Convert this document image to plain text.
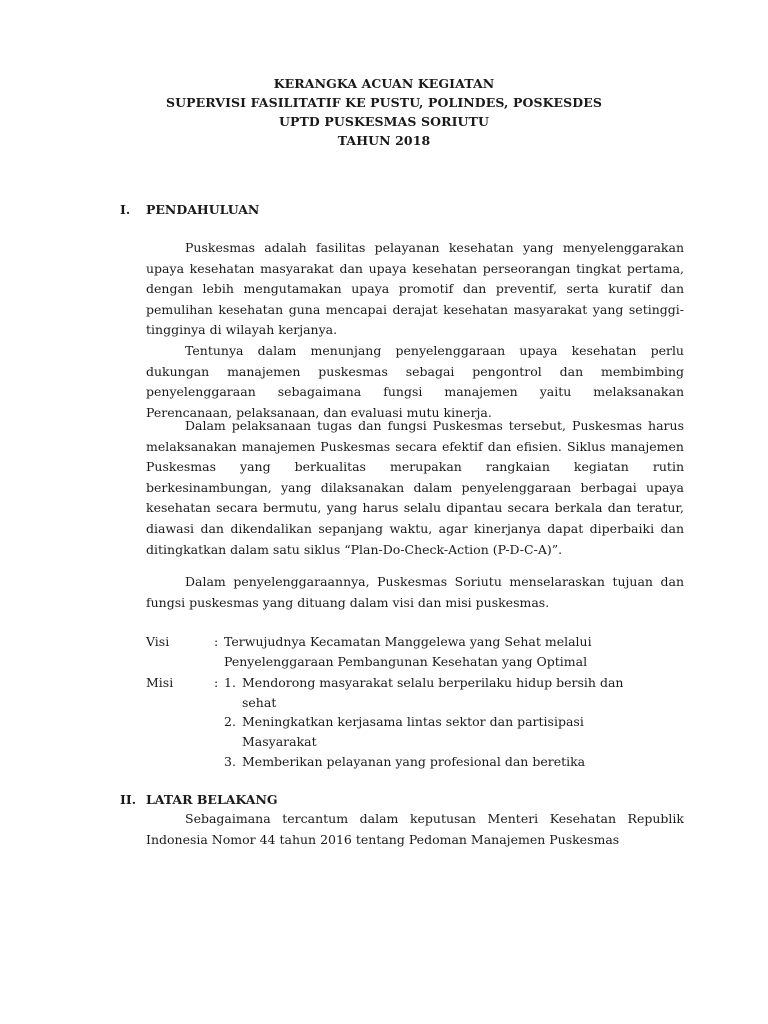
KERANGKA ACUAN KEGIATAN
SUPERVISI FASILITATIF KE PUSTU, POLINDES, POSKESDES
UPTD PUSKESMAS SORIUTU
TAHUN 2018
I. PENDAHULUAN

Puskesmas adalah fasilitas pelayanan kesehatan yang menyelenggarakan upaya kesehatan masyarakat dan upaya kesehatan perseorangan tingkat pertama, dengan lebih mengutamakan upaya promotif dan preventif, serta kuratif dan pemulihan kesehatan guna mencapai derajat kesehatan masyarakat yang setinggi-tingginya di wilayah kerjanya.

Tentunya dalam menunjang penyelenggaraan upaya kesehatan perlu dukungan manajemen puskesmas sebagai pengontrol dan membimbing penyelenggaraan sebagaimana fungsi manajemen yaitu melaksanakan Perencanaan, pelaksanaan, dan evaluasi mutu kinerja.

Dalam pelaksanaan tugas dan fungsi Puskesmas tersebut, Puskesmas harus melaksanakan manajemen Puskesmas secara efektif dan efisien. Siklus manajemen Puskesmas yang berkualitas merupakan rangkaian kegiatan rutin berkesinambungan, yang dilaksanakan dalam penyelenggaraan berbagai upaya kesehatan secara bermutu, yang harus selalu dipantau secara berkala dan teratur, diawasi dan dikendalikan sepanjang waktu, agar kinerjanya dapat diperbaiki dan ditingkatkan dalam satu siklus “Plan-Do-Check-Action (P-D-C-A)”.

Dalam penyelenggaraannya, Puskesmas Soriutu menselaraskan tujuan dan fungsi puskesmas yang dituang dalam visi dan misi puskesmas.

Visi	: Terwujudnya Kecamatan Manggelewa yang Sehat melalui
Penyelenggaraan Pembangunan Kesehatan yang Optimal
Misi	: 1. Mendorong masyarakat selalu berperilaku hidup bersih dan
sehat
2. Meningkatkan kerjasama lintas sektor dan partisipasi
Masyarakat
3. Memberikan pelayanan yang profesional dan beretika
II. LATAR BELAKANG

Sebagaimana tercantum dalam keputusan Menteri Kesehatan Republik Indonesia Nomor 44 tahun 2016 tentang Pedoman Manajemen Puskesmas
